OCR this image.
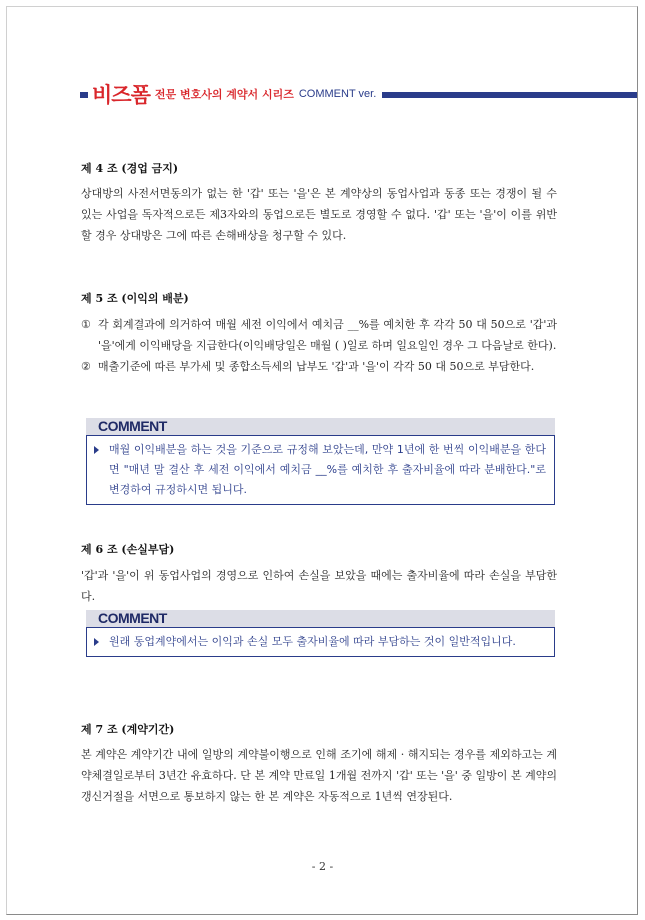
비즈폼 전문 변호사의 계약서 시리즈 COMMENT ver.
제 4 조 (경업 금지)
상대방의 사전서면동의가 없는 한 '갑' 또는 '을'은 본 계약상의 동업사업과 동종 또는 경쟁이 될 수 있는 사업을 독자적으로든 제3자와의 동업으로든 별도로 경영할 수 없다. '갑' 또는 '을'이 이를 위반할 경우 상대방은 그에 따른 손해배상을 청구할 수 있다.
제 5 조 (이익의 배분)
① 각 회계결과에 의거하여 매월 세전 이익에서 예치금 __%를 예치한 후 각각 50 대 50으로 '갑'과 '을'에게 이익배당을 지급한다(이익배당일은 매월 ( )일로 하며 일요일인 경우 그 다음날로 한다).
② 매출기준에 따른 부가세 및 종합소득세의 납부도 '갑'과 '을'이 각각 50 대 50으로 부담한다.
COMMENT
매월 이익배분을 하는 것을 기준으로 규정해 보았는데, 만약 1년에 한 번씩 이익배분을 한다면 "매년 말 결산 후 세전 이익에서 예치금 __%를 예치한 후 출자비율에 따라 분배한다."로 변경하여 규정하시면 됩니다.
제 6 조 (손실부담)
'갑'과 '을'이 위 동업사업의 경영으로 인하여 손실을 보았을 때에는 출자비율에 따라 손실을 부담한다.
COMMENT
원래 동업계약에서는 이익과 손실 모두 출자비율에 따라 부담하는 것이 일반적입니다.
제 7 조 (계약기간)
본 계약은 계약기간 내에 일방의 계약불이행으로 인해 조기에 해제 · 해지되는 경우를 제외하고는 계약체결일로부터 3년간 유효하다. 단 본 계약 만료일 1개월 전까지 '갑' 또는 '을' 중 일방이 본 계약의 갱신거절을 서면으로 통보하지 않는 한 본 계약은 자동적으로 1년씩 연장된다.
- 2 -
